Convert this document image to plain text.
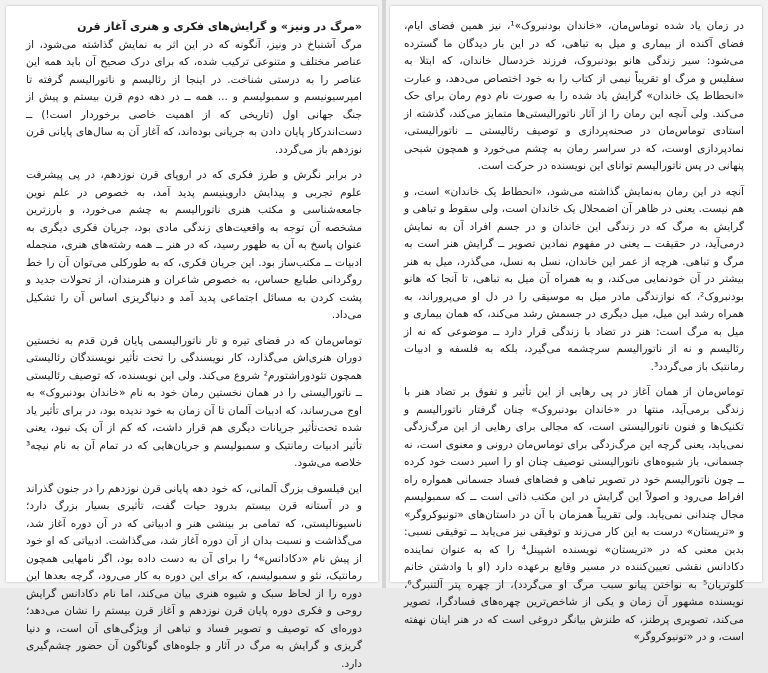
«مرگ در ونیز» و گرایش‌های فکری و هنری آغاز قرن

مرگ آشنباخ در ونیز، آنگونه که در این اثر به نمایش گذاشته می‌شود، از عناصر مختلف و متنوعی ترکیب شده، که برای درک صحیح آن باید همه این عناصر را به درستی شناخت. در اینجا از رئالیسم و ناتورالیسم گرفته تا امپرسیونیسم و سمبولیسم و ... همه ــ در دهه دوم قرن بیستم و پیش از جنگ جهانی اول (تاریخی که از اهمیت خاصی برخوردار است!) ــ دست‌اندرکار پایان دادن به جریانی بوده‌اند، که آغاز آن به سال‌های پایانی قرن نوزدهم باز می‌گردد.

در برابر نگرش و طرز فکری که در اروپای قرن نوزدهم، در پی پیشرفت علوم تجربی و پیدایش داروینیسم پدید آمد، به خصوص در علم نوین جامعه‌شناسی و مکتب هنری ناتورالیسم به چشم می‌خورد، و بارزترین مشخصه آن توجه به واقعیت‌های زندگی مادی بود، جریان فکری دیگری به عنوان پاسخ به آن به ظهور رسید، که در هنر ــ همه رشته‌های هنری، منجمله ادبیات ــ مکتب‌ساز بود. این جریان فکری، که به طورکلی می‌توان آن را خط روگردانی طبایع حساس، به خصوص شاعران و هنرمندان، از تحولات جدید و پشت کردن به مسائل اجتماعی پدید آمد و دنیاگریزی اساس آن را تشکیل می‌داد.

توماس‌مان که در فضای تیره و تار ناتورالیسمی پایان قرن قدم به نخستین دوران هنری‌اش می‌گذارد، کار نویسندگی را تحت تأثیر نویسندگان رئالیستی همچون تئودوراشتورم² شروع می‌کند. ولی این نویسنده، که توصیف رئالیستی ــ ناتورالیستی را در همان نخستین رمان خود به نام «خاندان بودنبروک» به اوج می‌رساند، که ادبیات آلمان تا آن زمان به خود ندیده بود، در برای تأثیر یاد شده تحت‌تأثیر جریانات دیگری هم قرار داشت، که کم از آن یک نبود، یعنی تأثیر ادبیات رمانتیک و سمبولیسم و جریان‌هایی که در تمام آن به نام نیچه³ خلاصه می‌شود.

این فیلسوف بزرگ آلمانی، که خود دهه پایانی قرن نوزدهم را در جنون گذراند و در آستانه قرن بیستم بدرود حیات گفت، تأثیری بسیار بزرگ دارد؛ ناسیونالیستی، که تمامی بر بینشی هنر و ادبیاتی که در آن دوره آغاز شد، می‌گذاشت و نسبت بدان از آن دوره آغاز شد، می‌گذاشت. ادبیاتی که او خود از پیش نام «دکادانس»⁴ را برای آن به دست داده بود، اگر نامهایی همچون رمانتیک، نئو و سمبولیسم، که برای این دوره به کار می‌رود، گرچه بعدها این دوره را از لحاظ سبک و شیوه هنری بیان می‌کند، اما نام دکادانس گرایش روحی و فکری دوره پایان قرن نوزدهم و آغاز قرن بیستم را نشان می‌دهد؛ دوره‌ای که توصیف و تصویر فساد و تباهی از ویژگی‌های آن است، و دنیا گریزی و گرایش به مرگ در آثار و جلوه‌های گوناگون آن حضور چشم‌گیری دارد.

در زمان یاد شده توماس‌مان، «خاندان بودنبروک»¹، نیز همین فضای ایام، فضای آکنده از بیماری و میل به تباهی، که در این بار دیدگان ما گسترده می‌شود: سیر زندگی هانو بودنبروک، فرزند خردسال خاندان، که ابتلا به سفلیس و مرگ او تقریباً نیمی از کتاب را به خود اختصاص می‌دهد، و عبارت «انحطاط یک خاندان» گرایش یاد شده را به صورت نام دوم رمان برای حک می‌کند. ولی آنچه این رمان را از آثار ناتورالیستی‌ها متمایز می‌کند، گذشته از استادی توماس‌مان در صحنه‌پردازی و توصیف رئالیستی ــ ناتورالیستی، نمادپردازی اوست، که در سراسر رمان به چشم می‌خورد و همچون شبحی پنهانی در پس ناتورالیسم توانای این نویسنده در حرکت است.

آنچه در این رمان به‌نمایش گذاشته می‌شود، «انحطاط یک خاندان» است، و هم نیست. یعنی در ظاهر آن اضمحلال یک خاندان است، ولی سقوط و تباهی و گرایش به مرگ که در زندگی این خاندان و در جسم افراد آن به نمایش درمی‌آید، در حقیقت ــ یعنی در مفهوم نمادین تصویر ــ گرایش هنر است به مرگ و تباهی. هرچه از عمر این خاندان، نسل به نسل، می‌گذرد، میل به هنر بیشتر در آن خودنمایی می‌کند، و به همراه آن میل به تباهی، تا آنجا که هانو بودنبروک²، که نوازندگی مادر میل به موسیقی را در دل او می‌پروراند، به همراه رشد این میل، میل دیگری در جسمش رشد می‌کند، که همان بیماری و میل به مرگ است: هنر در تضاد با زندگی قرار دارد ــ موضوعی که نه از رئالیسم و نه از ناتورالیسم سرچشمه می‌گیرد، بلکه به فلسفه و ادبیات رمانتیک باز می‌گردد³.

توماس‌مان از همان آغاز در پی رهایی از این تأثیر و تفوق بر تضاد هنر با زندگی برمی‌آید، منتها در «خاندان بودنبروک» چنان گرفتار ناتورالیسم و تکنیک‌ها و فنون ناتورالیستی است، که مجالی برای رهایی از این مرگ‌زدگی نمی‌یابد، یعنی گرچه این مرگ‌زدگی برای توماس‌مان درونی و معنوی است، نه جسمانی، باز شیوه‌های ناتورالیستی توصیف چنان او را اسیر دست خود کرده ــ چون ناتورالیسم خود در تصویر تباهی و فضاهای فساد جسمانی همواره راه افراط می‌رود و اصولاً این گرایش در این مکتب ذاتی است ــ که سمبولیسم مجال چندانی نمی‌یابد. ولی تقریباً همزمان با آن در داستان‌های «تونیوکروگر» و «تریستان» درست به این کار می‌زند و توفیقی نیز می‌یابد ــ توفیقی نسبی: بدین معنی که در «تریستان» نویسنده اشپینل⁴ را که به عنوان نماینده دکادانس نقشی تعیین‌کننده در مسیر وقایع برعهده دارد (او با وادشتن خانم کلوتریان⁵ به نواختن پیانو سبب مرگ او می‌گردد)، از چهره پتر آلتنبرگ⁶، نویسنده مشهور آن زمان و یکی از شاخص‌ترین چهره‌های فسادگرا، تصویر می‌کند، تصویری پرطنز، که طنزش بیانگر دروغی است که در هنر اینان نهفته است، و در «تونیوکروگر»
